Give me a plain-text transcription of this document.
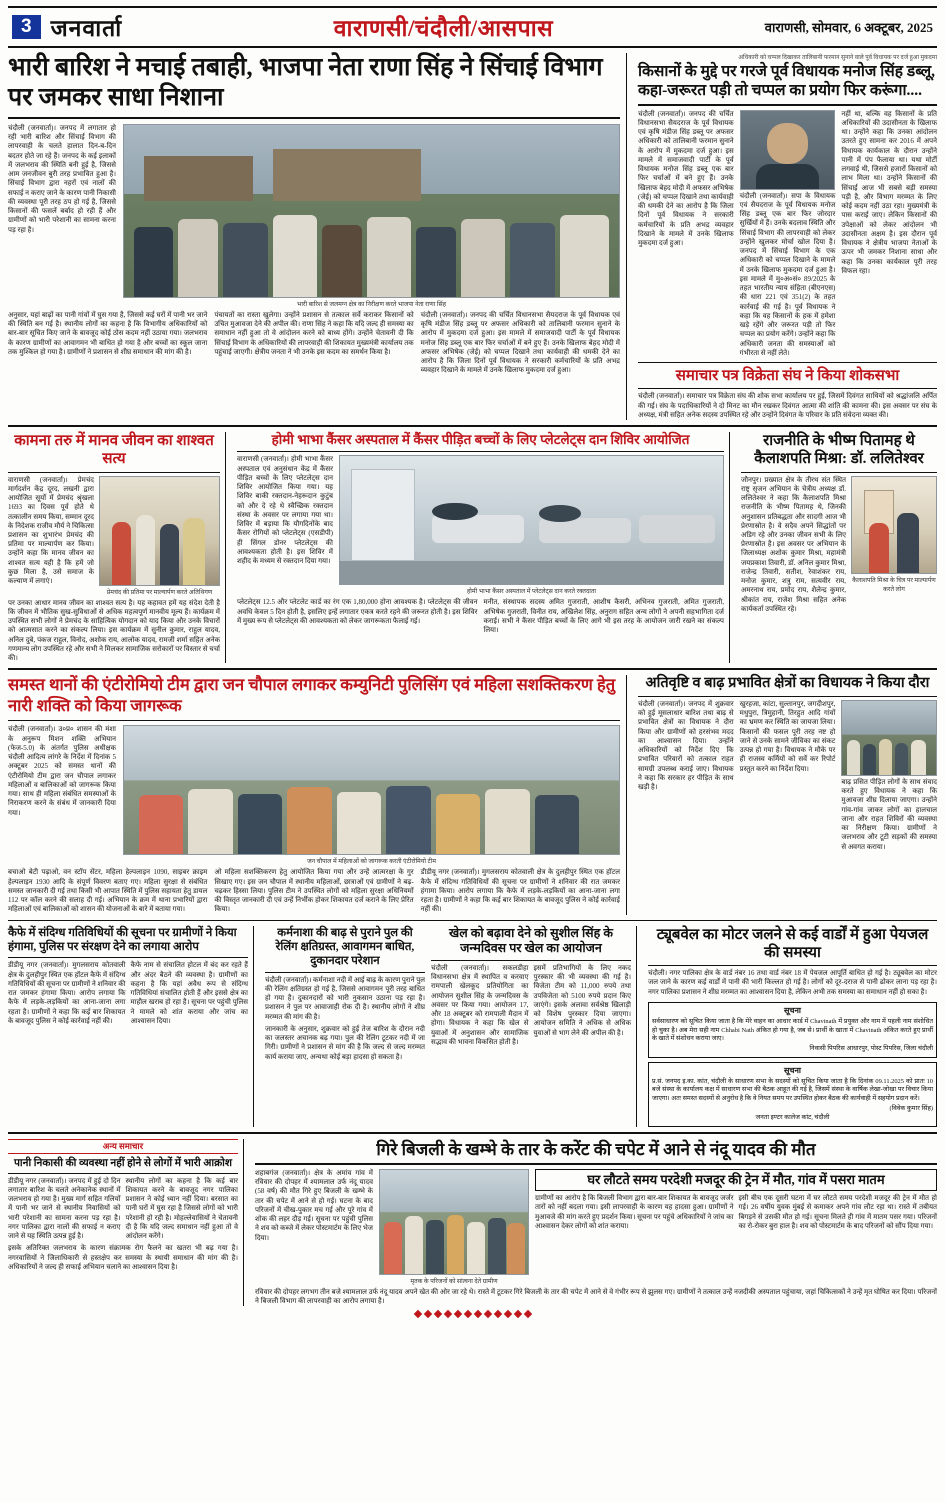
3 जनवार्ता	वाराणसी/चंदौली/आसपास	वाराणसी, सोमवार, 6 अक्टूबर, 2025
भारी बारिश ने मचाई तबाही, भाजपा नेता राणा सिंह ने सिंचाई विभाग पर जमकर साधा निशाना
चंदौली (जनवार्ता)। जनपद में लगातार हो रही भारी बारिश और सिंचाई विभाग की लापरवाही के चलते हालात दिन-ब-दिन बदतर होते जा रहे हैं। जनपद के कई इलाकों में जलभराव की स्थिति बनी हुई है, जिससे आम जनजीवन बुरी तरह प्रभावित हुआ है। सिंचाई विभाग द्वारा नहरों एवं नालों की सफाई न कराए जाने के कारण पानी निकासी की व्यवस्था पूरी तरह ठप हो गई है, जिससे किसानों की फसलें बर्बाद हो रही हैं और ग्रामीणों को भारी परेशानी का सामना करना पड़ रहा है।
भारी बारिश से जलमग्न क्षेत्र का निरीक्षण करते भाजपा नेता राणा सिंह
अनुसार, यहां बाढ़ों का पानी गांवों में घुस गया है, जिससे कई घरों में पानी भर जाने की स्थिति बन गई है। स्थानीय लोगों का कहना है कि विभागीय अधिकारियों को बार-बार सूचित किए जाने के बावजूद कोई ठोस कदम नहीं उठाया गया। जलभराव के कारण ग्रामीणों का आवागमन भी बाधित हो गया है और बच्चों का स्कूल जाना तक मुश्किल हो गया है। ग्रामीणों ने प्रशासन से शीघ्र समाधान की मांग की है।
पंचायतों का रास्ता खुलेगा। उन्होंने प्रशासन से तत्काल सर्वे कराकर किसानों को उचित मुआवजा देने की अपील की। राणा सिंह ने कहा कि यदि जल्द ही समस्या का समाधान नहीं हुआ तो वे आंदोलन करने को बाध्य होंगे। उन्होंने चेतावनी दी कि सिंचाई विभाग के अधिकारियों की लापरवाही की शिकायत मुख्यमंत्री कार्यालय तक पहुंचाई जाएगी। क्षेत्रीय जनता ने भी उनके इस कदम का समर्थन किया है।
चंदौली (जनवार्ता)। जनपद की चर्चित विधानसभा सैयदराज के पूर्व विधायक एवं कृषि मंडीज सिंह डब्लू पर अफसर अधिकारी को तालिबानी फरमान सुनाने के आरोप में मुकदमा दर्ज हुआ। इस मामले में समाजवादी पार्टी के पूर्व विधायक मनोज सिंह डब्लू एक बार फिर चर्चाओं में बने हुए हैं। उनके खिलाफ बेहद मोदी में अफसर अभिषेक (जेई) को चप्पल दिखाने तथा कार्यवाही की धमकी देने का आरोप है कि जिला दिनों पूर्व विधायक ने सरकारी कर्मचारियों के प्रति अभद्र व्यवहार दिखाने के मामले में उनके खिलाफ मुकदमा दर्ज हुआ।
अधिकारी को चप्पल दिखाकर तालिबानी फरमान सुनाने वाले पूर्व विधायक पर दर्ज हुआ मुकदमा
किसानों के मुद्दे पर गरजे पूर्व विधायक मनोज सिंह डब्लू, कहा-जरूरत पड़ी तो चप्पल का प्रयोग फिर करूंगा....
चंदौली (जनवार्ता)। जनपद की चर्चित विधानसभा सैयदराज के पूर्व विधायक एवं कृषि मंडीज सिंह डब्लू पर अफसर अधिकारी को तालिबानी फरमान सुनाने के आरोप में मुकदमा दर्ज हुआ। इस मामले में समाजवादी पार्टी के पूर्व विधायक मनोज सिंह डब्लू एक बार फिर चर्चाओं में बने हुए हैं। उनके खिलाफ बेहद मोदी में अफसर अभिषेक (जेई) को चप्पल दिखाने तथा कार्यवाही की धमकी देने का आरोप है कि जिला दिनों पूर्व विधायक ने सरकारी कर्मचारियों के प्रति अभद्र व्यवहार दिखाने के मामले में उनके खिलाफ मुकदमा दर्ज हुआ।
चंदौली (जनवार्ता)। सपा के विधायक एवं सैयदराज के पूर्व विधायक मनोज सिंह डब्लू एक बार फिर जोरदार सुर्खियों में हैं। उनके बदलाव स्थिति और सिंचाई विभाग की लापरवाही को लेकर उन्होंने खुलकर मोर्चा खोल दिया है। जनपद में सिंचाई विभाग के एक अधिकारी को चप्पल दिखाने के मामले में उनके खिलाफ मुकदमा दर्ज हुआ है। इस मामले में मु०अ०सं० 89/2025 के तहत भारतीय न्याय संहिता (बीएनएस) की धारा 221 एवं 351(2) के तहत कार्रवाई की गई है। पूर्व विधायक ने कहा कि वह किसानों के हक में हमेशा खड़े रहेंगे और जरूरत पड़ी तो फिर चप्पल का प्रयोग करेंगे। उन्होंने कहा कि अधिकारी जनता की समस्याओं को गंभीरता से नहीं लेते।
नहीं था, बल्कि वह किसानों के प्रति अधिकारियों की उदासीनता के खिलाफ था। उन्होंने कहा कि उनका आंदोलन उतरते हुए सामना कर 2016 में अपने विधायक कार्यकाल के दौरान उन्होंने पानी में पंप फैलाया था। यथा मोर्टी लगवाई थी, जिससे हजारों किसानों को लाभ मिला था। उन्होंने किसानों की सिंचाई आज भी सबसे बड़ी समस्या पड़ी है, और विभाग मरम्मत के लिए कोई कदम नहीं उठा रहा। मुख्यमंत्री के पास कराई जाए। लेकिन किसानों की उपेक्षाओं को लेकर आंदोलन भी उदासीनता अक्षम है। इस दौरान पूर्व विधायक ने क्षेत्रीय भाजपा नेताओं के ऊपर भी जमकर निशाना साधा और कहा कि उनका कार्यकाल पूरी तरह विफल रहा।
समाचार पत्र विक्रेता संघ ने किया शोकसभा
चंदौली (जनवार्ता)। समाचार पत्र विक्रेता संघ की शोक सभा कार्यालय पर हुई, जिसमें दिवंगत साथियों को श्रद्धांजलि अर्पित की गई। संघ के पदाधिकारियों ने दो मिनट का मौन रखकर दिवंगत आत्मा की शांति की कामना की। इस अवसर पर संघ के अध्यक्ष, मंत्री सहित अनेक सदस्य उपस्थित रहे और उन्होंने दिवंगत के परिवार के प्रति संवेदना व्यक्त की।
कामना तरु में मानव जीवन का शाश्वत सत्य
वाराणसी (जनवार्ता)। प्रेमचंद मार्गदर्शन केंद्र दूरद, लखनी द्वारा आयोजित सूर्यो में प्रेमचंद श्रृंखला 1693 का दिवस पूर्व होते थे तत्कालीन समय किया, सम्मान दूरद के निदेशक राजीव मौर्य ने चिकित्सा प्रशासन का शुभारंभ प्रेमचंद की प्रतिमा पर माल्यार्पण कर किया। उन्होंने कहा कि मानव जीवन का शाश्वत सत्य यही है कि हमें जो कुछ मिला है, उसे समाज के कल्याण में लगाएं।
प्रेमचंद की प्रतिमा पर माल्यार्पण करते अतिथिगण
पर उनका आधार मानव जीवन का शाश्वत सत्य है। यह कहावत हमें यह संदेश देती है कि जीवन में भौतिक सुख-सुविधाओं से अधिक महत्वपूर्ण मानवीय मूल्य हैं। कार्यक्रम में उपस्थित सभी लोगों ने प्रेमचंद के साहित्यिक योगदान को याद किया और उनके विचारों को आत्मसात करने का संकल्प लिया। इस कार्यक्रम में सुनील कुमार, राहुल यादव, अनिल दुबे, पंकज राहुल, विनोद, अशोक राय, आलोक यादव, रामजी शर्मा सहित अनेक गणमान्य लोग उपस्थित रहे और सभी ने मिलकर सामाजिक सरोकारों पर विस्तार से चर्चा की।
होमी भाभा कैंसर अस्पताल में कैंसर पीड़ित बच्चों के लिए प्लेटलेट्स दान शिविर आयोजित
वाराणसी (जनवार्ता)। होमी भाभा कैंसर अस्पताल एवं अनुसंधान केंद्र में कैंसर पीड़ित बच्चों के लिए प्लेटलेट्स दान शिविर आयोजित किया गया। यह शिविर बाकी रक्तदान-नेहरूदान कुटुंब को और दे रहे थे स्वैच्छिक रक्तदान संस्था के अवसर पर लगाया गया था। शिविर में बड़ाया कि यौगदिनोंके बाद कैंसर रोगियों को प्लेटलेट्स (एसडीपी) ही सिंगल डोनर प्लेटलेट्स की आवश्यकता होती है। इस शिविर में शहीद के मध्यम से रक्तदान दिया गया।
होमी भाभा कैंसर अस्पताल में प्लेटलेट्स दान करते रक्तदाता
प्लेटलेट्स 12.5 और प्लेटलेट कार्ड का रंग एक 1,80,000 होना आवश्यक है। प्लेटलेट्स की जीवन अवधि केवल 5 दिन होती है, इसलिए इन्हें लगातार एकत्र करते रहने की जरूरत होती है। इस शिविर में मुख्य रूप से प्लेटलेट्स की आवश्यकता को लेकर जागरूकता फैलाई गई।
मनीत, संस्थापक सदस्य अमित गुजराती, आशीष कैसरी, अभिनव गुजराती, अमित गुजराती, अभिषेक गुजराती, विनीत राय, अखिलेश सिंह, अनुराग सहित अन्य लोगों ने अपनी सहभागिता दर्ज कराई। सभी ने कैंसर पीड़ित बच्चों के लिए आगे भी इस तरह के आयोजन जारी रखने का संकल्प लिया।
राजनीति के भीष्म पितामह थे कैलाशपति मिश्रा: डॉ. ललितेश्वर
जौनपुर। प्रख्यात क्षेत्र के तीरथ संत स्थित राष्ट्र सृजन अभियान के चेत्रीय अध्यक्ष डॉ. ललितेश्वर ने कहा कि कैलाशपति मिश्रा राजनीति के भीष्म पितामह थे, जिनकी अनुशासन प्रतिबद्धता और सादगी आज भी प्रेरणास्रोत है। वे सदैव अपने सिद्धांतों पर अडिग रहे और उनका जीवन सभी के लिए प्रेरणास्रोत है। इस अवसर पर अभियान के जिलाध्यक्ष अशोक कुमार मिश्रा, महामंत्री जयप्रकाश तिवारी, डॉ. अनिल कुमार मिश्रा, राजेन्द्र तिवारी, सतीश, रेवाशंकर राय, मनोज कुमार, शत्रु राम, सत्यवीर राय, अमरनाथ राय, प्रमोद राय, शैलेन्द्र कुमार, श्रीकांत राय, राजेश मिश्रा सहित अनेक कार्यकर्ता उपस्थित रहे।
कैलाशपति मिश्रा के चित्र पर माल्यार्पण करते लोग
समस्त थानों की एंटीरोमियो टीम द्वारा जन चौपाल लगाकर कम्युनिटी पुलिसिंग एवं महिला सशक्तिकरण हेतु नारी शक्ति को किया जागरूक
चंदौली (जनवार्ता)। उ०प्र० शासन की मंशा के अनुरूप मिशन शक्ति अभियान (फेज-5.0) के अंतर्गत पुलिस अधीक्षक चंदौली आदित्य लांगरे के निर्देश में दिनांक 5 अक्टूबर 2025 को समस्त थानों की एंटीरोमियो टीम द्वारा जन चौपाल लगाकर महिलाओं व बालिकाओं को जागरूक किया गया। साथ ही महिला संबंधित समस्याओं के निराकरण करने के संबंध में जानकारी दिया गया।
जन चौपाल में महिलाओं को जागरूक करती एंटीरोमियो टीम
बचाओ बेटी पढ़ाओ, वन स्टॉप सेंटर, महिला हेल्पलाइन 1090, साइबर क्राइम हेल्पलाइन 1930 आदि के संपूर्ण विवरण बताए गए। महिला सुरक्षा से संबंधित समस्त जानकारी दी गई तथा किसी भी आपात स्थिति में पुलिस सहायता हेतु डायल 112 पर कॉल करने की सलाह दी गई। अभियान के क्रम में थाना प्रभारियों द्वारा महिलाओं एवं बालिकाओं को शासन की योजनाओं के बारे में बताया गया।
ओ महिला सशक्तिकरण हेतु आयोजित किया गया और उन्हें आत्मरक्षा के गुर सिखाए गए। इस जन चौपाल में स्थानीय महिलाओं, छात्राओं एवं ग्रामीणों ने बढ़-चढ़कर हिस्सा लिया। पुलिस टीम ने उपस्थित लोगों को महिला सुरक्षा अधिनियमों की विस्तृत जानकारी दी एवं उन्हें निर्भीक होकर शिकायत दर्ज कराने के लिए प्रेरित किया।
डीडीयू नगर (जनवार्ता)। मुगलसराय कोतवाली क्षेत्र के दुलहीपुर स्थित एक हॉटल कैफे में संदिग्ध गतिविधियों की सूचना पर ग्रामीणों ने शनिवार की रात जमकर हंगामा किया। आरोप लगाया कि कैफे में लड़के-लड़कियों का आना-जाना लगा रहता है। ग्रामीणों ने कहा कि कई बार शिकायत के बावजूद पुलिस ने कोई कार्रवाई नहीं की।
अतिवृष्टि व बाढ़ प्रभावित क्षेत्रों का विधायक ने किया दौरा
चंदौली (जनवार्ता)। जनपद में शुक्रवार को हुई मूसलाधार बारिश तथा बाढ़ से प्रभावित क्षेत्रों का विधायक ने दौरा किया और ग्रामीणों को हरसंभव मदद का आश्वासन दिया। उन्होंने अधिकारियों को निर्देश दिए कि प्रभावित परिवारों को तत्काल राहत सामग्री उपलब्ध कराई जाए। विधायक ने कहा कि सरकार हर पीड़ित के साथ खड़ी है।
खुरहजा, कांटा, सुल्तानपुर, जगदीशपुर, मधुपुरा, त्रिमुहानी, तिरहुत आदि गांवों का भ्रमण कर स्थिति का जायजा लिया। किसानों की फसल पूरी तरह नष्ट हो जाने से उनके सामने जीविका का संकट उत्पन्न हो गया है। विधायक ने मौके पर ही राजस्व कर्मियों को सर्वे कर रिपोर्ट प्रस्तुत करने का निर्देश दिया।
बाढ़ प्रसित पीड़ित लोगों के साथ संवाद करते हुए विधायक ने कहा कि मुआवजा शीघ्र दिलाया जाएगा। उन्होंने गांव-गांव जाकर लोगों का हालचाल जाना और राहत शिविरों की व्यवस्था का निरीक्षण किया। ग्रामीणों ने जलभराव और टूटी सड़कों की समस्या से अवगत कराया।
कैफे में संदिग्ध गतिविधियों की सूचना पर ग्रामीणों ने किया हंगामा, पुलिस पर संरक्षण देने का लगाया आरोप
डीडीयू नगर (जनवार्ता)। मुगलसराय कोतवाली क्षेत्र के दुलहीपुर स्थित एक हॉटल कैफे में संदिग्ध गतिविधियों की सूचना पर ग्रामीणों ने शनिवार की रात जमकर हंगामा किया। आरोप लगाया कि कैफे में लड़के-लड़कियों का आना-जाना लगा रहता है। ग्रामीणों ने कहा कि कई बार शिकायत के बावजूद पुलिस ने कोई कार्रवाई नहीं की।
कैफे नाम से संचालित होटल में बंद कर रहते हैं और अंदर बैठने की व्यवस्था है। ग्रामीणों का कहना है कि यहां अवैध रूप से संदिग्ध गतिविधियां संचालित होती हैं और इससे क्षेत्र का माहौल खराब हो रहा है। सूचना पर पहुंची पुलिस ने मामले को शांत कराया और जांच का आश्वासन दिया।
कर्मनाशा की बाढ़ से पुराने पुल की रेलिंग क्षतिग्रस्त, आवागमन बाधित, दुकानदार परेशान
चंदौली (जनवार्ता)। कर्मनाशा नदी में आई बाढ़ के कारण पुराने पुल की रेलिंग क्षतिग्रस्त हो गई है, जिससे आवागमन पूरी तरह बाधित हो गया है। दुकानदारों को भारी नुकसान उठाना पड़ रहा है। प्रशासन ने पुल पर आवाजाही रोक दी है। स्थानीय लोगों ने शीघ्र मरम्मत की मांग की है।
जानकारी के अनुसार, शुक्रवार को हुई तेज बारिश के दौरान नदी का जलस्तर अचानक बढ़ गया। पुल की रेलिंग टूटकर नदी में जा गिरी। ग्रामीणों ने प्रशासन से मांग की है कि जल्द से जल्द मरम्मत कार्य कराया जाए, अन्यथा कोई बड़ा हादसा हो सकता है।
खेल को बढ़ावा देने को सुशील सिंह के जन्मदिवस पर खेल का आयोजन
चंदौली (जनवार्ता)। सकलडीहा विधानसभा क्षेत्र में स्थापित व करवाए रामपाली खेलकूद प्रतियोगिता का आयोजन सुशील सिंह के जन्मदिवस के अवसर पर किया गया। आयोजन 17, और 18 अक्टूबर को रामपाली मैदान में होगा। विधायक ने कहा कि खेल से युवाओं में अनुशासन और सामाजिक सद्भाव की भावना विकसित होती है।
इसमें प्रतिभागियों के लिए नकद पुरस्कार की भी व्यवस्था की गई है। विजेता टीम को 11,000 रुपये तथा उपविजेता को 5100 रुपये प्रदान किए जाएंगे। इसके अलावा सर्वश्रेष्ठ खिलाड़ी को विशेष पुरस्कार दिया जाएगा। आयोजन समिति ने अधिक से अधिक युवाओं से भाग लेने की अपील की है।
ट्यूबवेल का मोटर जलने से कई वार्डों में हुआ पेयजल की समस्या
चंदौली। नगर पालिका क्षेत्र के वार्ड नंबर 16 तथा वार्ड नंबर 18 में पेयजल आपूर्ति बाधित हो गई है। ट्यूबवेल का मोटर जल जाने के कारण कई वार्डों में पानी की भारी किल्लत हो गई है। लोगों को दूर-दराज से पानी ढोकर लाना पड़ रहा है। नगर पालिका प्रशासन ने शीघ्र मरम्मत का आश्वासन दिया है, लेकिन अभी तक समस्या का समाधान नहीं हो सका है।
सूचना
सर्वसाधारण को सूचित किया जाता है कि मेरे वाहन का आधार कार्ड में Chavinath में प्रयुक्त और नाम में पहली नाम संशोधित हो चुका है। अब मेरा सही नाम Chhabi Nath अंकित हो गया है, जब से। प्रार्थी के खाता में Chavinath अंकित करते हुए प्रार्थी के खाते में संशोधन कराया जाए।
निवासी पिपरिस आधारपुर, पोस्ट पिपरिस, जिला चंदौली
सूचना
प्र.सं. जनपद इ.का. कांत, चंदौली के साधारण सभा के सदस्यों को सूचित किया जाता है कि दिनांक 09.11.2025 को प्रातः 10 बजे संस्था के कार्यालय कक्ष में साधारण सभा की बैठक आहूत की गई है, जिसमें संस्था के वार्षिक लेखा-जोखा पर विचार किया जाएगा। अतः समस्त सदस्यों से अनुरोध है कि वे नियत समय पर उपस्थित होकर बैठक की कार्यवाही में सहयोग प्रदान करें।
(विवेक कुमार सिंह)
जनता इण्टर कालेज कांट, चंदौली
अन्य समाचार
पानी निकासी की व्यवस्था नहीं होने से लोगों में भारी आक्रोश
डीडीयू नगर (जनवार्ता)। जनपद में हुई दो दिन लगातार बारिश के चलते अनेकानेक स्थानों में जलभराव हो गया है। मुख्य मार्ग सहित गलियों में पानी भर जाने से स्थानीय निवासियों को भारी परेशानी का सामना करना पड़ रहा है। नगर पालिका द्वारा नालों की सफाई न कराए जाने से यह स्थिति उत्पन्न हुई है।
स्थानीय लोगों का कहना है कि कई बार शिकायत करने के बावजूद नगर पालिका प्रशासन ने कोई ध्यान नहीं दिया। बरसात का पानी घरों में घुस रहा है जिससे लोगों को भारी परेशानी हो रही है। मोहल्लेवासियों ने चेतावनी दी है कि यदि जल्द समाधान नहीं हुआ तो वे आंदोलन करेंगे।
इसके अतिरिक्त जलभराव के कारण संक्रामक रोग फैलने का खतरा भी बढ़ गया है। नगरवासियों ने जिलाधिकारी से हस्तक्षेप कर समस्या के स्थायी समाधान की मांग की है। अधिकारियों ने जल्द ही सफाई अभियान चलाने का आश्वासन दिया है।
गिरे बिजली के खम्भे के तार के करेंट की चपेट में आने से नंदू यादव की मौत
शहाबगंज (जनवार्ता)। क्षेत्र के अमांव गांव में रविवार की दोपहर में श्यामलाल उर्फ नंदू यादव (58 वर्ष) की मौत गिरे हुए बिजली के खम्भे के तार की चपेट में आने से हो गई। घटना के बाद परिजनों में चीख-पुकार मच गई और पूरे गांव में शोक की लहर दौड़ गई। सूचना पर पहुंची पुलिस ने शव को कब्जे में लेकर पोस्टमार्टम के लिए भेज दिया।
मृतक के परिजनों को सांत्वना देते ग्रामीण
घर लौटते समय परदेशी मजदूर की ट्रेन में मौत, गांव में पसरा मातम
ग्रामीणों का आरोप है कि बिजली विभाग द्वारा बार-बार शिकायत के बावजूद जर्जर तारों को नहीं बदला गया। इसी लापरवाही के कारण यह हादसा हुआ। ग्रामीणों ने मुआवजे की मांग करते हुए प्रदर्शन किया। सूचना पर पहुंचे अधिकारियों ने जांच का आश्वासन देकर लोगों को शांत कराया।
इसी बीच एक दूसरी घटना में घर लौटते समय परदेशी मजदूर की ट्रेन में मौत हो गई। 26 वर्षीय युवक मुंबई से कमाकर अपने गांव लौट रहा था। रास्ते में तबीयत बिगड़ने से उसकी मौत हो गई। सूचना मिलते ही गांव में मातम पसर गया। परिजनों का रो-रोकर बुरा हाल है। शव को पोस्टमार्टम के बाद परिजनों को सौंप दिया गया।
रविवार की दोपहर लगभग तीन बजे श्यामलाल उर्फ नंदू यादव अपने खेत की ओर जा रहे थे। रास्ते में टूटकर गिरे बिजली के तार की चपेट में आने से वे गंभीर रूप से झुलस गए। ग्रामीणों ने तत्काल उन्हें नजदीकी अस्पताल पहुंचाया, जहां चिकित्सकों ने उन्हें मृत घोषित कर दिया। परिजनों ने बिजली विभाग की लापरवाही का आरोप लगाया है।
